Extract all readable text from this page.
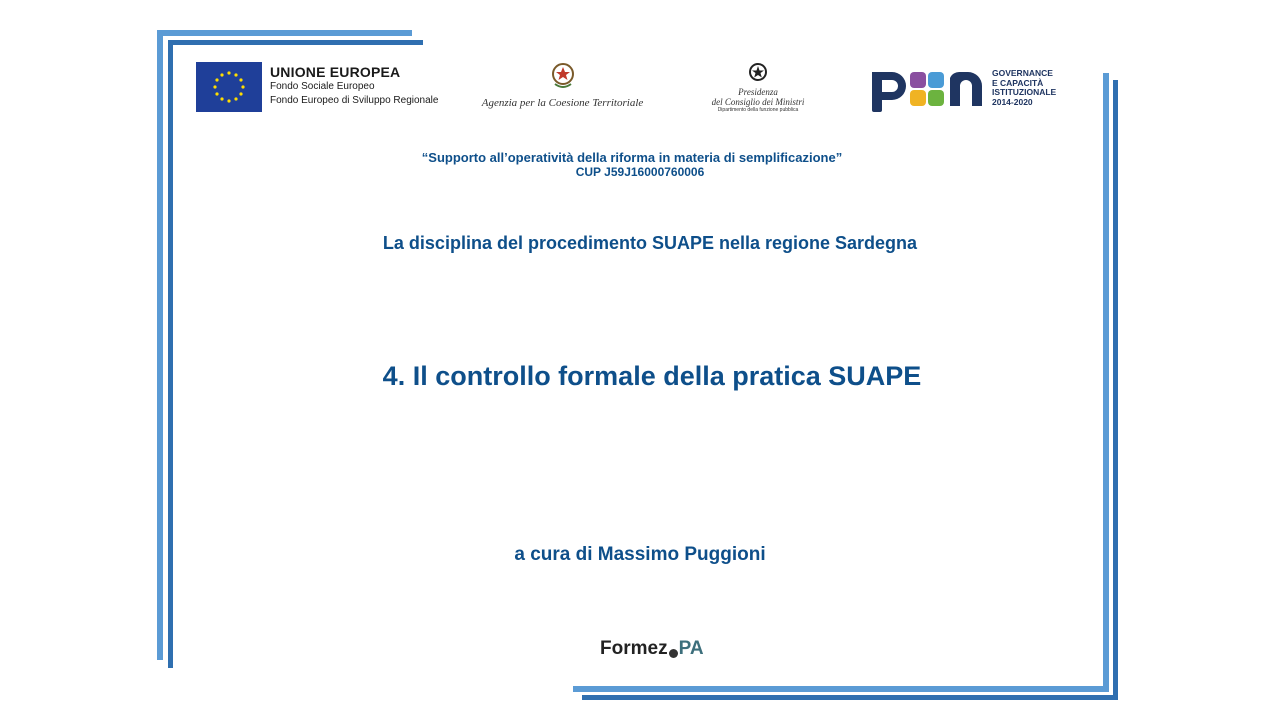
UNIONE EUROPEA
Fondo Sociale Europeo
Fondo Europeo di Sviluppo Regionale	Agenzia per la Coesione Territoriale
Presidenza
del Consiglio dei Ministri
Dipartimento della funzione pubblica
GOVERNANCE
E CAPACITÀ
ISTITUZIONALE
2014-2020
“Supporto all’operatività della riforma in materia di semplificazione”
CUP J59J16000760006
La disciplina del procedimento SUAPE nella regione Sardegna
4. Il controllo formale della pratica SUAPE
a cura di Massimo Puggioni
Formez PA
